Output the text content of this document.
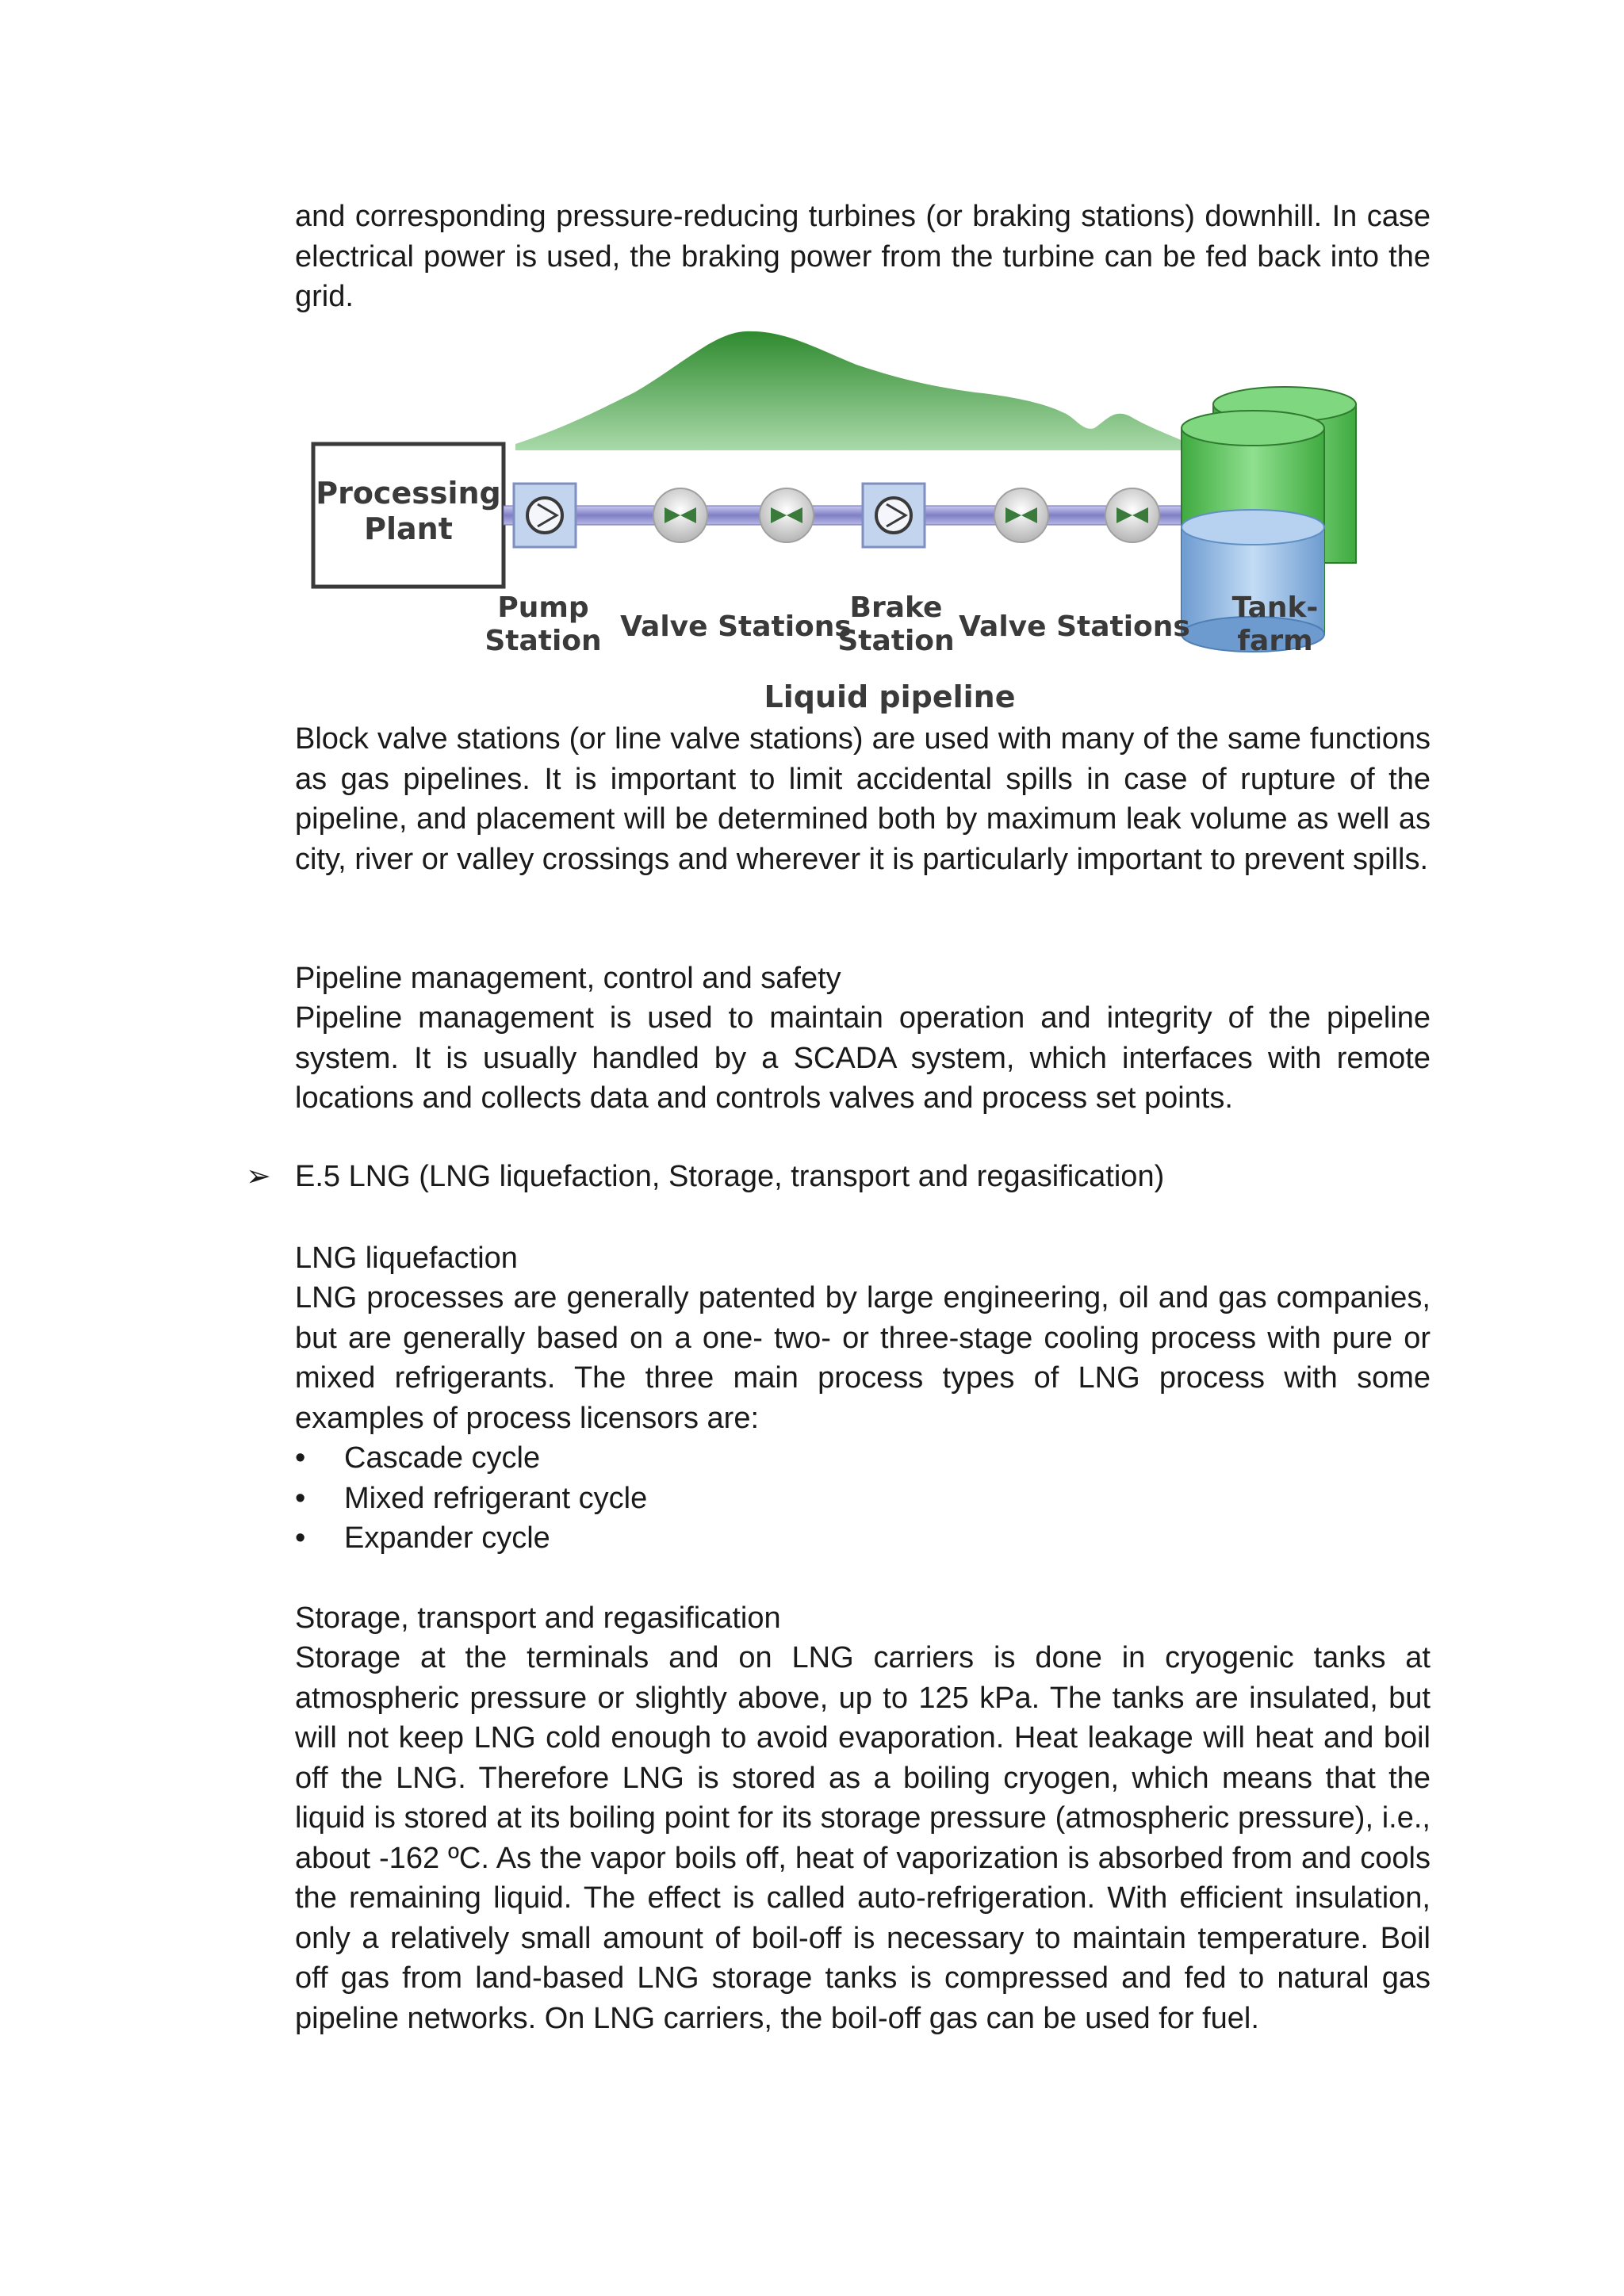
and corresponding pressure-reducing turbines (or braking stations) downhill. In case electrical power is used, the braking power from the turbine can be fed back into the grid.

Processing
Plant
Pump
Station Valve Stations
Brake
Station Valve Stations
Tank-
farm
Liquid pipeline

Block valve stations (or line valve stations) are used with many of the same functions as gas pipelines. It is important to limit accidental spills in case of rupture of the pipeline, and placement will be determined both by maximum leak volume as well as city, river or valley crossings and wherever it is particularly important to prevent spills.

Pipeline management, control and safety

Pipeline management is used to maintain operation and integrity of the pipeline system. It is usually handled by a SCADA system, which interfaces with remote locations and collects data and controls valves and process set points.

➢ E.5 LNG (LNG liquefaction, Storage, transport and regasification)
LNG liquefaction

LNG processes are generally patented by large engineering, oil and gas companies, but are generally based on a one- two- or three-stage cooling process with pure or mixed refrigerants. The three main process types of LNG process with some examples of process licensors are:

• Cascade cycle
• Mixed refrigerant cycle
• Expander cycle
Storage, transport and regasification

Storage at the terminals and on LNG carriers is done in cryogenic tanks at atmospheric pressure or slightly above, up to 125 kPa. The tanks are insulated, but will not keep LNG cold enough to avoid evaporation. Heat leakage will heat and boil off the LNG. Therefore LNG is stored as a boiling cryogen, which means that the liquid is stored at its boiling point for its storage pressure (atmospheric pressure), i.e., about -162 ºC. As the vapor boils off, heat of vaporization is absorbed from and cools the remaining liquid. The effect is called auto-refrigeration. With efficient insulation, only a relatively small amount of boil-off is necessary to maintain temperature. Boil off gas from land-based LNG storage tanks is compressed and fed to natural gas pipeline networks. On LNG carriers, the boil-off gas can be used for fuel.
